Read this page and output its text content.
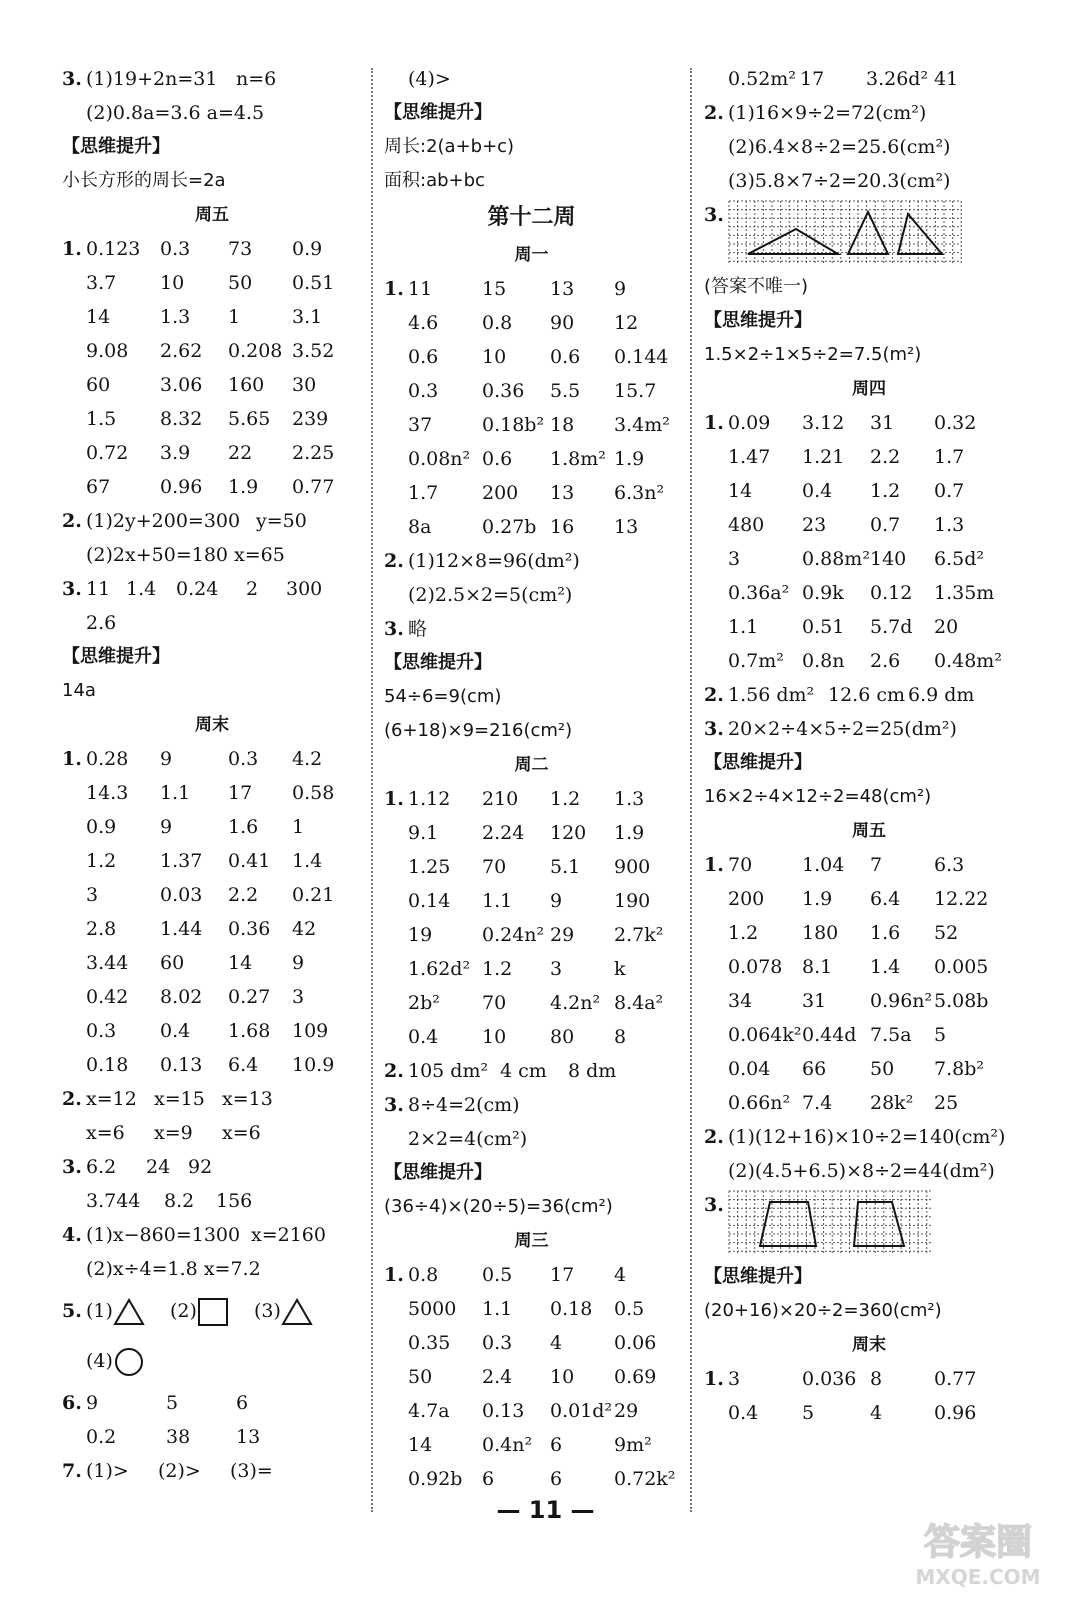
3. (1)19+2n=31 n=6
(2)0.8a=3.6 a=4.5
【思维提升】
小长方形的周长=2a
周五
1. 0.123 0.3 73 0.9
3.7 10 50 0.51
14	1.3 1	3.1
9.08 2.62 0.208 3.52
60	3.06 160 30
1.5 8.32 5.65 239
0.72 3.9 22 2.25
67	0.96 1.9 0.77
2. (1)2y+200=300 y=50
(2)2x+50=180 x=65
3. 11 1.4 0.24 2 300
2.6
【思维提升】
14a
周末
1. 0.28 9	0.3 4.2
14.3 1.1 17 0.58
0.9 9	1.6 1
1.2 1.37 0.41 1.4
3	0.03 2.2 0.21
2.8 1.44 0.36 42
3.44 60 14 9
0.42 8.02 0.27 3
0.3 0.4 1.68 109
0.18 0.13 6.4 10.9
2. x=12 x=15 x=13
x=6 x=9 x=6
3. 6.2 24 92
3.744 8.2 156
4. (1)x−860=1300 x=2160
(2)x÷4=1.8 x=7.2
5. (1)	(2)	(3)
(4)
6. 9	5	6
0.2	38 13
7. (1)> (2)> (3)=
(4)>
【思维提升】
周长:2(a+b+c)
面积:ab+bc
第十二周
周一
1. 11	15 13 9
4.6 0.8 90 12
0.6 10 0.6 0.144
0.3 0.36 5.5 15.7
37	0.18b² 18 3.4m²
0.08n² 0.6 1.8m² 1.9
1.7 200 13 6.3n²
8a	0.27b 16 13
2. (1)12×8=96(dm²)
(2)2.5×2=5(cm²)
3. 略
【思维提升】
54÷6=9(cm)
(6+18)×9=216(cm²)
周二
1. 1.12 210 1.2 1.3
9.1 2.24 120 1.9
1.25 70 5.1 900
0.14 1.1 9	190
19	0.24n² 29 2.7k²
1.62d² 1.2 3	k
2b² 70 4.2n² 8.4a²
0.4 10 80 8
2. 105 dm² 4 cm 8 dm
3. 8÷4=2(cm)
2×2=4(cm²)
【思维提升】
(36÷4)×(20÷5)=36(cm²)
周三
1. 0.8 0.5 17 4
5000 1.1 0.18 0.5
0.35 0.3 4	0.06
50	2.4 10 0.69
4.7a 0.13 0.01d² 29
14	0.4n² 6	9m²
0.92b 6	6	0.72k²
0.52m² 17 3.26d² 41
2. (1)16×9÷2=72(cm²)
(2)6.4×8÷2=25.6(cm²)
(3)5.8×7÷2=20.3(cm²)
3.
(答案不唯一)
【思维提升】
1.5×2÷1×5÷2=7.5(m²)
周四
1. 0.09 3.12 31 0.32
1.47 1.21 2.2 1.7
14	0.4 1.2 0.7
480 23 0.7 1.3
3	0.88m² 140 6.5d²
0.36a² 0.9k 0.12 1.35m
1.1 0.51 5.7d 20
0.7m² 0.8n 2.6 0.48m²
2. 1.56 dm² 12.6 cm 6.9 dm
3. 20×2÷4×5÷2=25(dm²)
【思维提升】
16×2÷4×12÷2=48(cm²)
周五
1. 70	1.04 7	6.3
200 1.9 6.4 12.22
1.2 180 1.6 52
0.078 8.1 1.4 0.005
34	31 0.96n² 5.08b
0.064k² 0.44d 7.5a 5
0.04 66 50 7.8b²
0.66n² 7.4 28k² 25
2. (1)(12+16)×10÷2=140(cm²)
(2)(4.5+6.5)×8÷2=44(dm²)
3.
【思维提升】
(20+16)×20÷2=360(cm²)
周末
1. 3	0.036 8	0.77
0.4 5	4	0.96
— 11 —
答案圈
MXQE.COM
